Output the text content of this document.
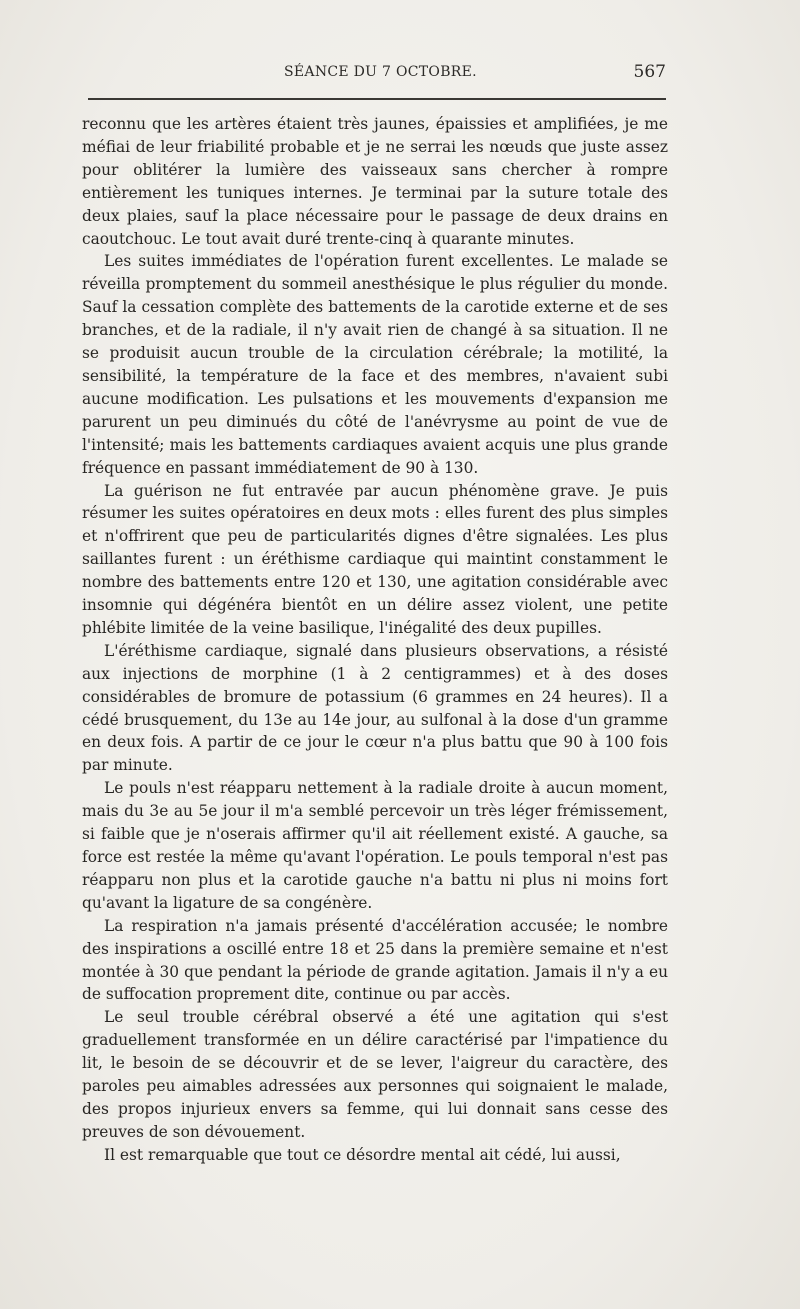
SÉANCE DU 7 OCTOBRE.	567

reconnu que les artères étaient très jaunes, épaissies et amplifiées, je me méfiai de leur friabilité probable et je ne serrai les nœuds que juste assez pour oblitérer la lumière des vaisseaux sans chercher à rompre entièrement les tuniques internes. Je terminai par la suture totale des deux plaies, sauf la place nécessaire pour le passage de deux drains en caoutchouc. Le tout avait duré trente-cinq à quarante minutes.

Les suites immédiates de l'opération furent excellentes. Le malade se réveilla promptement du sommeil anesthésique le plus régulier du monde. Sauf la cessation complète des battements de la carotide externe et de ses branches, et de la radiale, il n'y avait rien de changé à sa situation. Il ne se produisit aucun trouble de la circulation cérébrale; la motilité, la sensibilité, la température de la face et des membres, n'avaient subi aucune modification. Les pulsations et les mouvements d'expansion me parurent un peu diminués du côté de l'anévrysme au point de vue de l'intensité; mais les battements cardiaques avaient acquis une plus grande fréquence en passant immédiatement de 90 à 130.

La guérison ne fut entravée par aucun phénomène grave. Je puis résumer les suites opératoires en deux mots : elles furent des plus simples et n'offrirent que peu de particularités dignes d'être signalées. Les plus saillantes furent : un éréthisme cardiaque qui maintint constamment le nombre des battements entre 120 et 130, une agitation considérable avec insomnie qui dégénéra bientôt en un délire assez violent, une petite phlébite limitée de la veine basilique, l'inégalité des deux pupilles.

L'éréthisme cardiaque, signalé dans plusieurs observations, a résisté aux injections de morphine (1 à 2 centigrammes) et à des doses considérables de bromure de potassium (6 grammes en 24 heures). Il a cédé brusquement, du 13e au 14e jour, au sulfonal à la dose d'un gramme en deux fois. A partir de ce jour le cœur n'a plus battu que 90 à 100 fois par minute.

Le pouls n'est réapparu nettement à la radiale droite à aucun moment, mais du 3e au 5e jour il m'a semblé percevoir un très léger frémissement, si faible que je n'oserais affirmer qu'il ait réellement existé. A gauche, sa force est restée la même qu'avant l'opération. Le pouls temporal n'est pas réapparu non plus et la carotide gauche n'a battu ni plus ni moins fort qu'avant la ligature de sa congénère.

La respiration n'a jamais présenté d'accélération accusée; le nombre des inspirations a oscillé entre 18 et 25 dans la première semaine et n'est montée à 30 que pendant la période de grande agitation. Jamais il n'y a eu de suffocation proprement dite, continue ou par accès.

Le seul trouble cérébral observé a été une agitation qui s'est graduellement transformée en un délire caractérisé par l'impatience du lit, le besoin de se découvrir et de se lever, l'aigreur du caractère, des paroles peu aimables adressées aux personnes qui soignaient le malade, des propos injurieux envers sa femme, qui lui donnait sans cesse des preuves de son dévouement.

Il est remarquable que tout ce désordre mental ait cédé, lui aussi,
